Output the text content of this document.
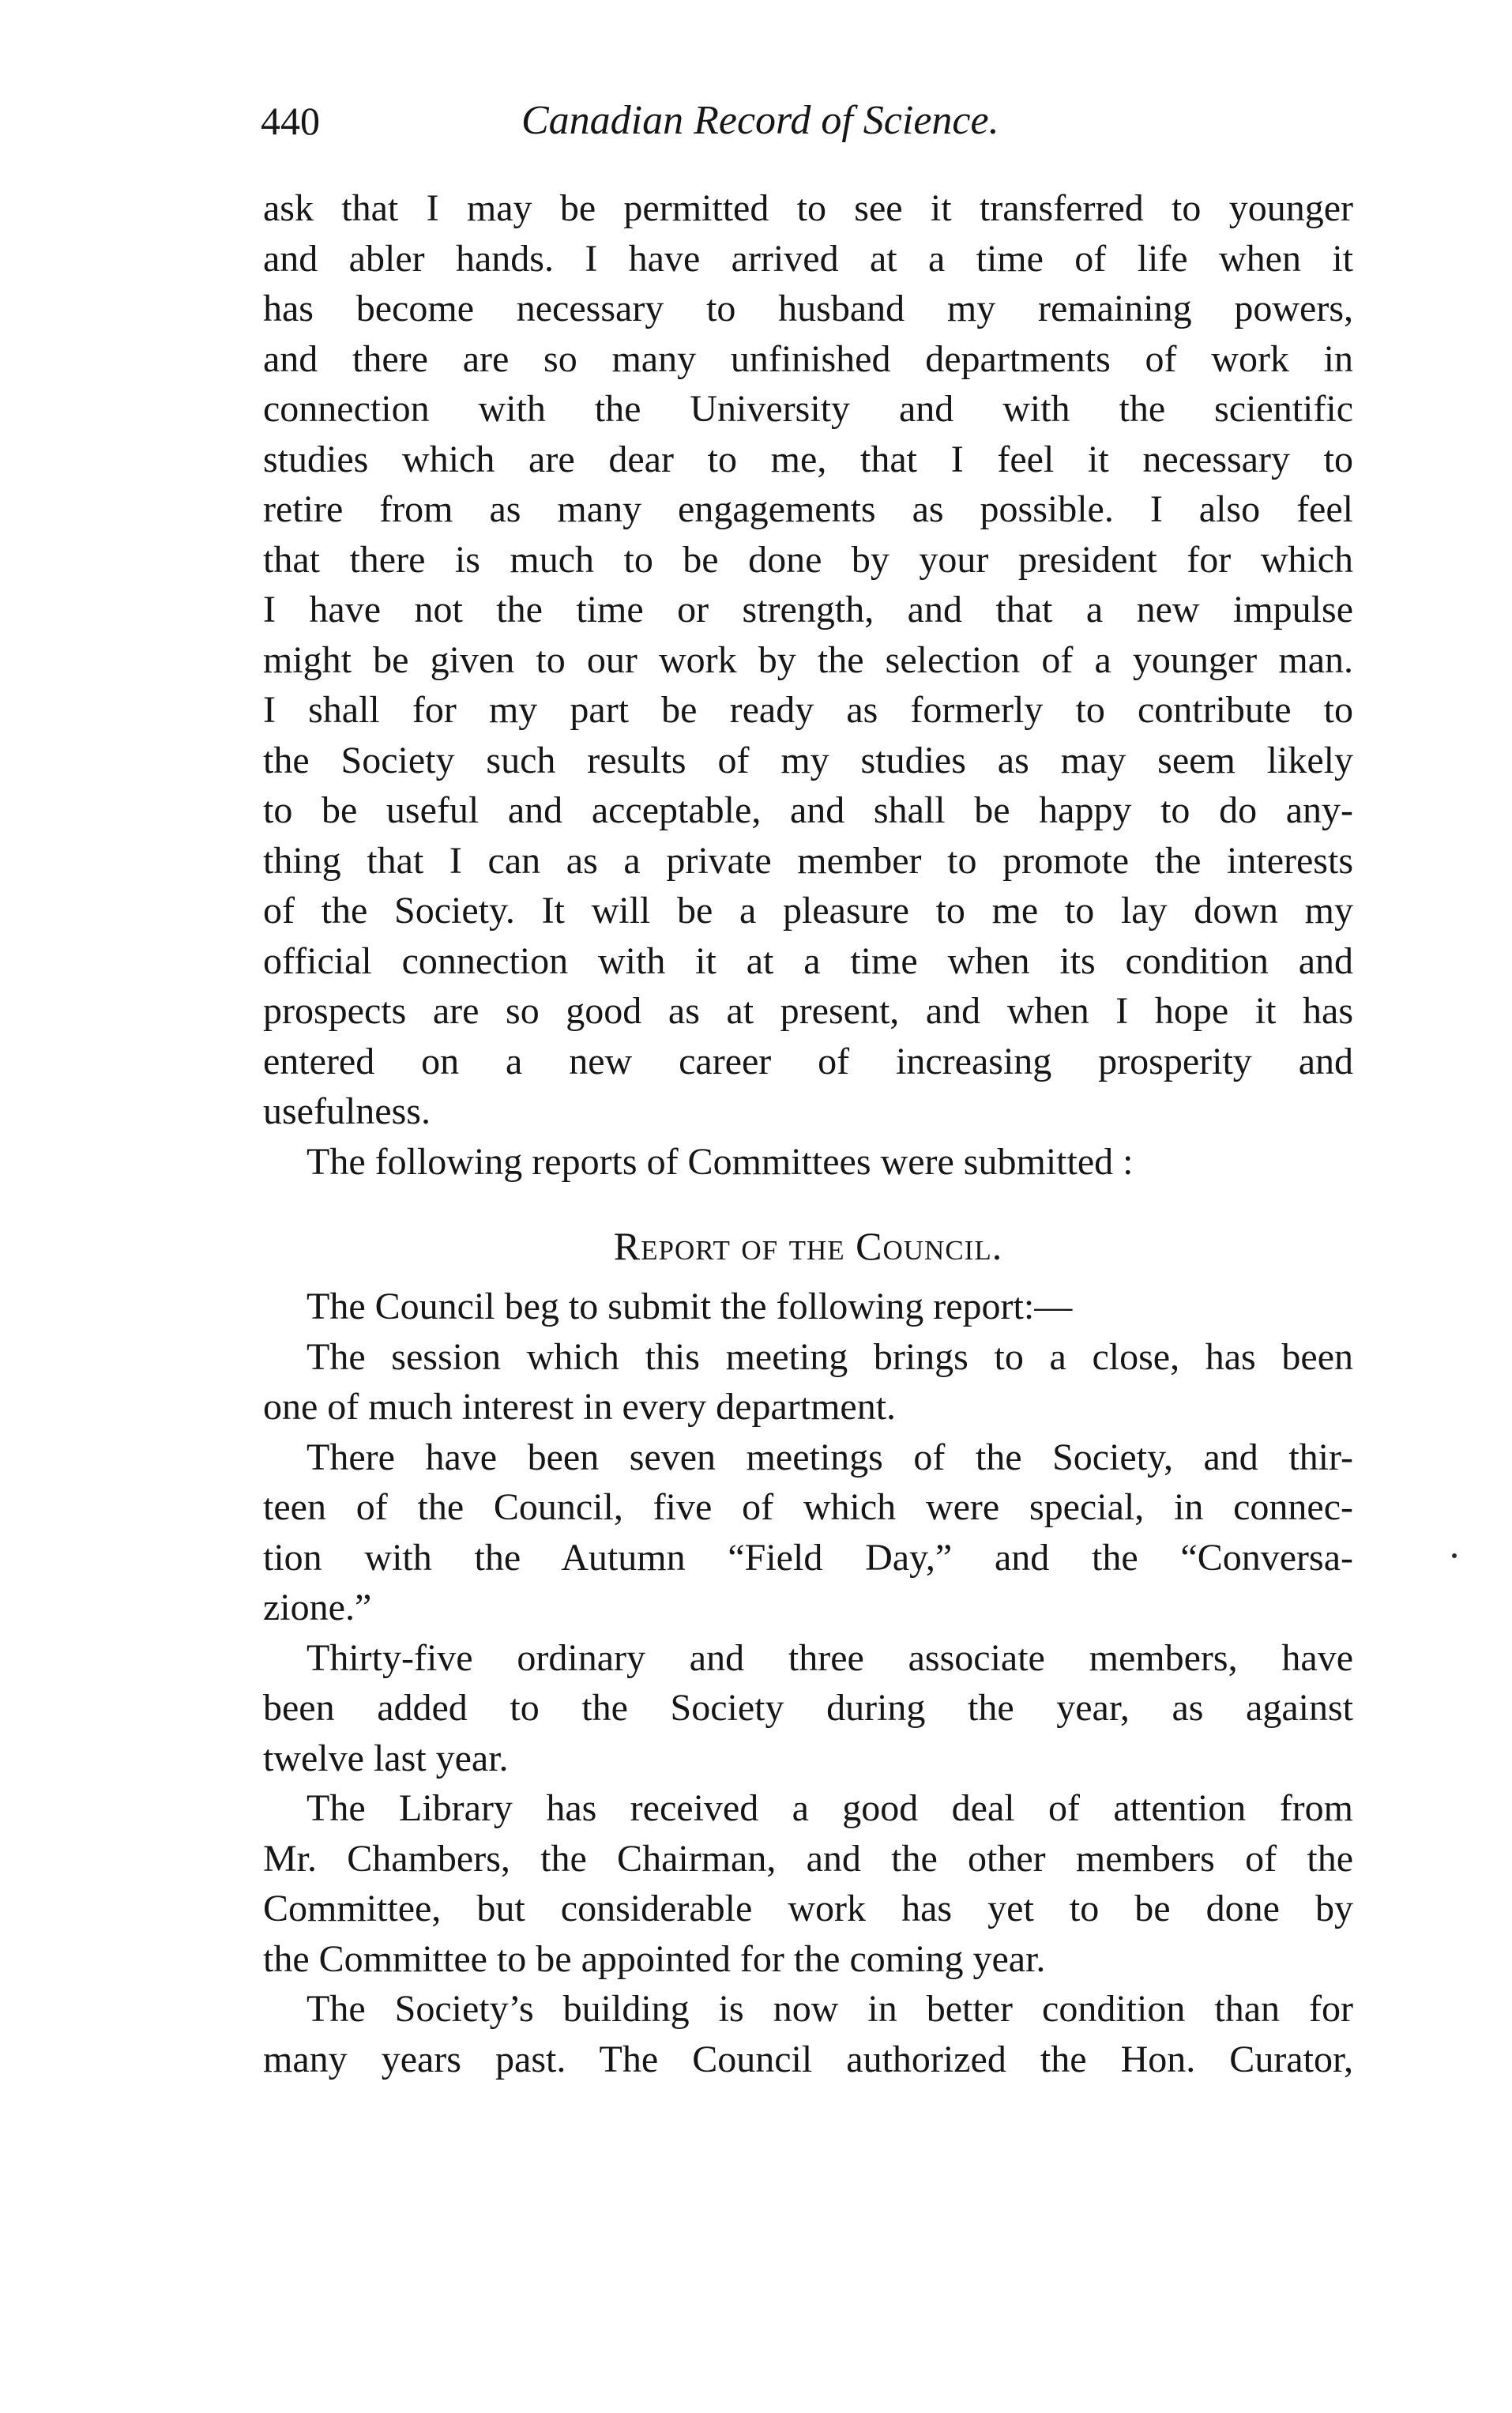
440	Canadian Record of Science.
ask that I may be permitted to see it transferred to younger
and abler hands. I have arrived at a time of life when it
has become necessary to husband my remaining powers,
and there are so many unfinished departments of work in
connection with the University and with the scientific
studies which are dear to me, that I feel it necessary to
retire from as many engagements as possible. I also feel
that there is much to be done by your president for which
I have not the time or strength, and that a new impulse
might be given to our work by the selection of a younger man.
I shall for my part be ready as formerly to contribute to
the Society such results of my studies as may seem likely
to be useful and acceptable, and shall be happy to do any-
thing that I can as a private member to promote the interests
of the Society. It will be a pleasure to me to lay down my
official connection with it at a time when its condition and
prospects are so good as at present, and when I hope it has
entered on a new career of increasing prosperity and
usefulness.
The following reports of Committees were submitted :
Report of the Council.
The Council beg to submit the following report:—
The session which this meeting brings to a close, has been
one of much interest in every department.
There have been seven meetings of the Society, and thir-
teen of the Council, five of which were special, in connec-
tion with the Autumn “Field Day,” and the “Conversa-
zione.”
Thirty-five ordinary and three associate members, have
been added to the Society during the year, as against
twelve last year.
The Library has received a good deal of attention from
Mr. Chambers, the Chairman, and the other members of the
Committee, but considerable work has yet to be done by
the Committee to be appointed for the coming year.
The Society’s building is now in better condition than for
many years past. The Council authorized the Hon. Curator,
